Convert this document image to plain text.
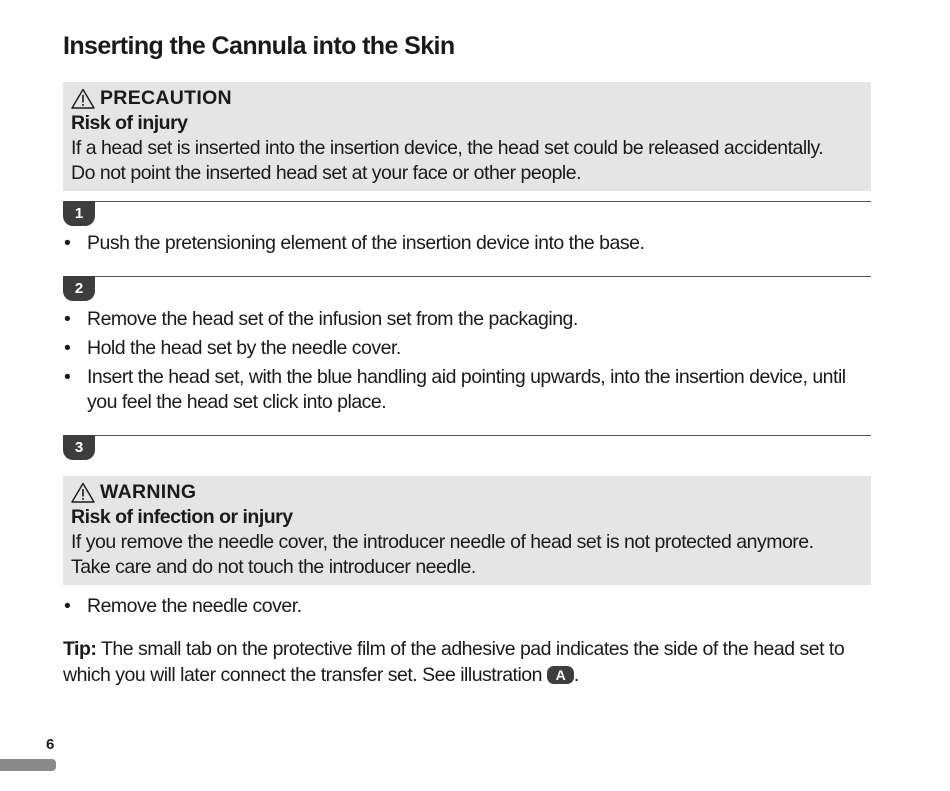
Inserting the Cannula into the Skin
PRECAUTION
Risk of injury
If a head set is inserted into the insertion device, the head set could be released accidentally.
Do not point the inserted head set at your face or other people.
1
• Push the pretensioning element of the insertion device into the base.
2
• Remove the head set of the infusion set from the packaging.
• Hold the head set by the needle cover.
• Insert the head set, with the blue handling aid pointing upwards, into the insertion device, until you feel the head set click into place.
3
WARNING
Risk of infection or injury
If you remove the needle cover, the introducer needle of head set is not protected anymore.
Take care and do not touch the introducer needle.
• Remove the needle cover.
Tip: The small tab on the protective film of the adhesive pad indicates the side of the head set to which you will later connect the transfer set. See illustration A .
6
